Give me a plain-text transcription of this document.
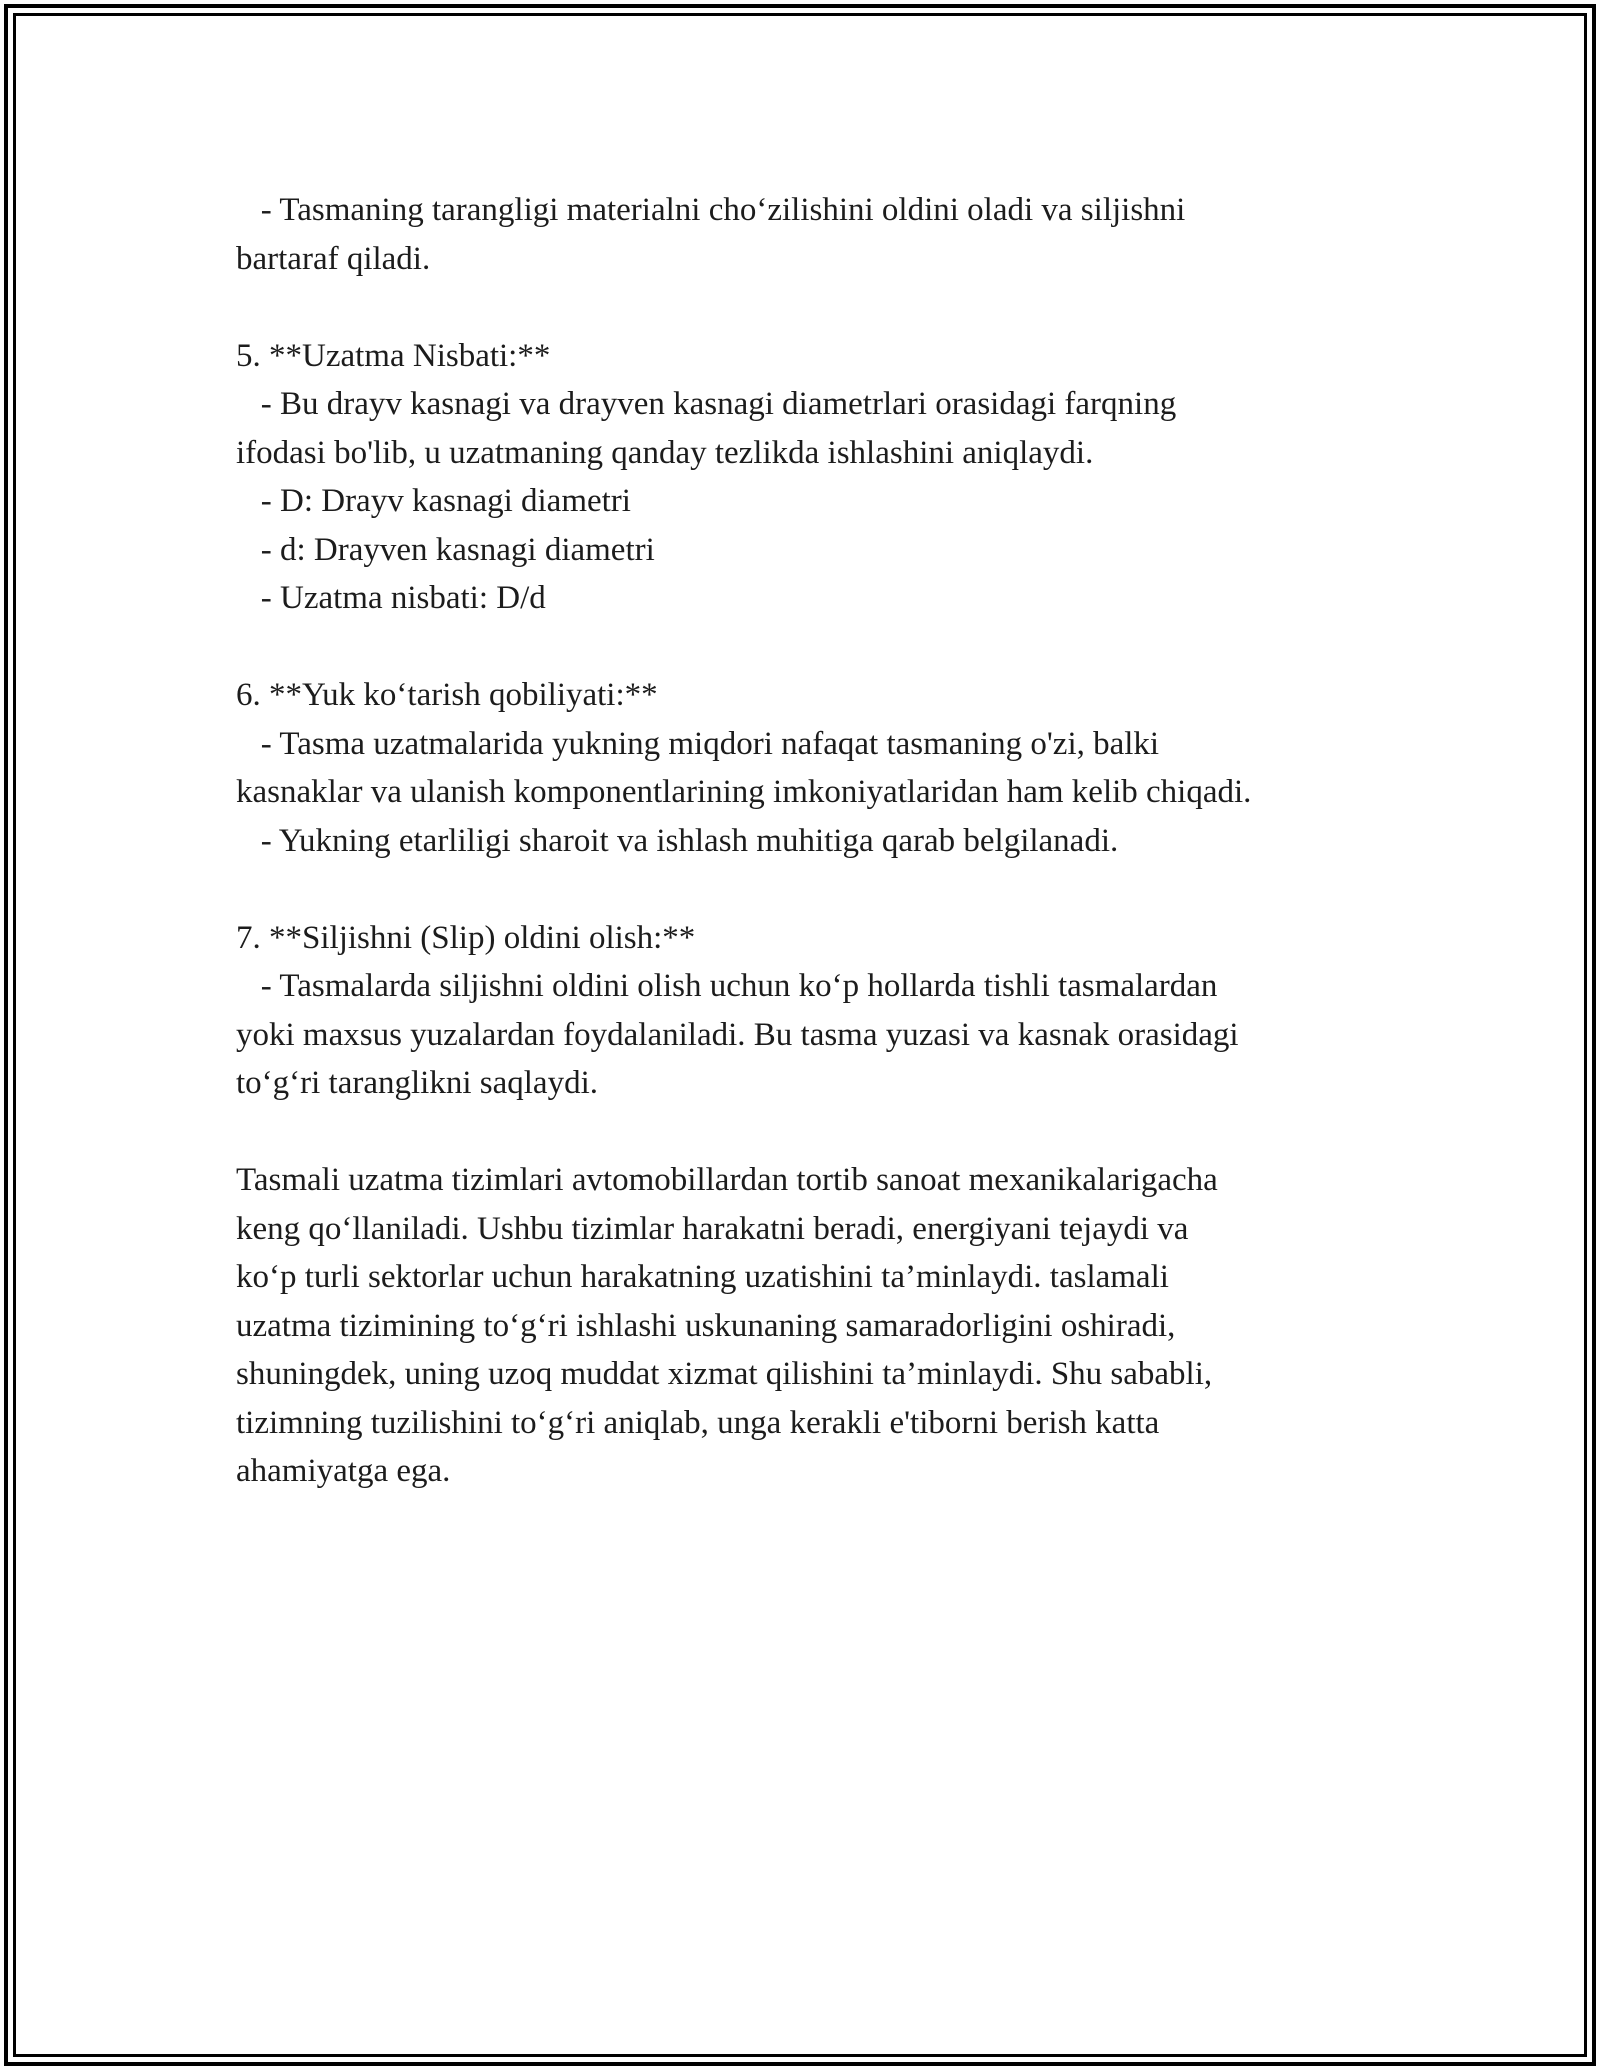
- Tasmaning tarangligi materialni cho‘zilishini oldini oladi va siljishni

bartaraf qiladi.

5. **Uzatma Nisbati:**

- Bu drayv kasnagi va drayven kasnagi diametrlari orasidagi farqning

ifodasi bo'lib, u uzatmaning qanday tezlikda ishlashini aniqlaydi.

- D: Drayv kasnagi diametri

- d: Drayven kasnagi diametri

- Uzatma nisbati: D/d

6. **Yuk ko‘tarish qobiliyati:**

- Tasma uzatmalarida yukning miqdori nafaqat tasmaning o'zi, balki

kasnaklar va ulanish komponentlarining imkoniyatlaridan ham kelib chiqadi.

- Yukning etarliligi sharoit va ishlash muhitiga qarab belgilanadi.

7. **Siljishni (Slip) oldini olish:**

- Tasmalarda siljishni oldini olish uchun ko‘p hollarda tishli tasmalardan

yoki maxsus yuzalardan foydalaniladi. Bu tasma yuzasi va kasnak orasidagi

to‘g‘ri taranglikni saqlaydi.

Tasmali uzatma tizimlari avtomobillardan tortib sanoat mexanikalarigacha

keng qo‘llaniladi. Ushbu tizimlar harakatni beradi, energiyani tejaydi va

ko‘p turli sektorlar uchun harakatning uzatishini ta’minlaydi. taslamali

uzatma tizimining to‘g‘ri ishlashi uskunaning samaradorligini oshiradi,

shuningdek, uning uzoq muddat xizmat qilishini ta’minlaydi. Shu sababli,

tizimning tuzilishini to‘g‘ri aniqlab, unga kerakli e'tiborni berish katta

ahamiyatga ega.
